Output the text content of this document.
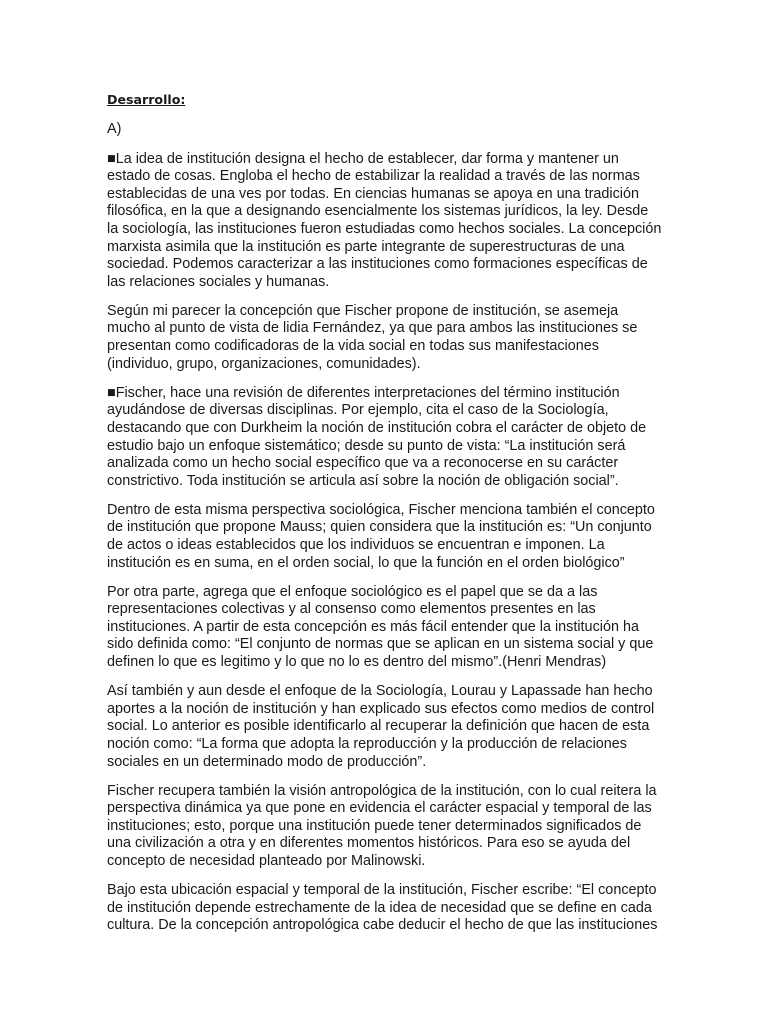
Desarrollo:
A)

■La idea de institución designa el hecho de establecer, dar forma y mantener un estado de cosas. Engloba el hecho de estabilizar la realidad a través de las normas establecidas de una ves por todas. En ciencias humanas se apoya en una tradición filosófica, en la que a designando esencialmente los sistemas jurídicos, la ley. Desde la sociología, las instituciones fueron estudiadas como hechos sociales. La concepción marxista asimila que la institución es parte integrante de superestructuras de una sociedad. Podemos caracterizar a las instituciones como formaciones específicas de las relaciones sociales y humanas.

Según mi parecer la concepción que Fischer propone de institución, se asemeja mucho al punto de vista de lidia Fernández, ya que para ambos las instituciones se presentan como codificadoras de la vida social en todas sus manifestaciones (individuo, grupo, organizaciones, comunidades).

■Fischer, hace una revisión de diferentes interpretaciones del término institución ayudándose de diversas disciplinas. Por ejemplo, cita el caso de la Sociología, destacando que con Durkheim la noción de institución cobra el carácter de objeto de estudio bajo un enfoque sistemático; desde su punto de vista: “La institución será analizada como un hecho social específico que va a reconocerse en su carácter constrictivo. Toda institución se articula así sobre la noción de obligación social”.

Dentro de esta misma perspectiva sociológica, Fischer menciona también el concepto de institución que propone Mauss; quien considera que la institución es: “Un conjunto de actos o ideas establecidos que los individuos se encuentran e imponen. La institución es en suma, en el orden social, lo que la función en el orden biológico”

Por otra parte, agrega que el enfoque sociológico es el papel que se da a las representaciones colectivas y al consenso como elementos presentes en las instituciones. A partir de esta concepción es más fácil entender que la institución ha sido definida como: “El conjunto de normas que se aplican en un sistema social y que definen lo que es legitimo y lo que no lo es dentro del mismo”.(Henri Mendras)

Así también y aun desde el enfoque de la Sociología, Lourau y Lapassade han hecho aportes a la noción de institución y han explicado sus efectos como medios de control social. Lo anterior es posible identificarlo al recuperar la definición que hacen de esta noción como: “La forma que adopta la reproducción y la producción de relaciones sociales en un determinado modo de producción”.

Fischer recupera también la visión antropológica de la institución, con lo cual reitera la perspectiva dinámica ya que pone en evidencia el carácter espacial y temporal de las instituciones; esto, porque una institución puede tener determinados significados de una civilización a otra y en diferentes momentos históricos. Para eso se ayuda del concepto de necesidad planteado por Malinowski.

Bajo esta ubicación espacial y temporal de la institución, Fischer escribe: “El concepto de institución depende estrechamente de la idea de necesidad que se define en cada cultura. De la concepción antropológica cabe deducir el hecho de que las instituciones
